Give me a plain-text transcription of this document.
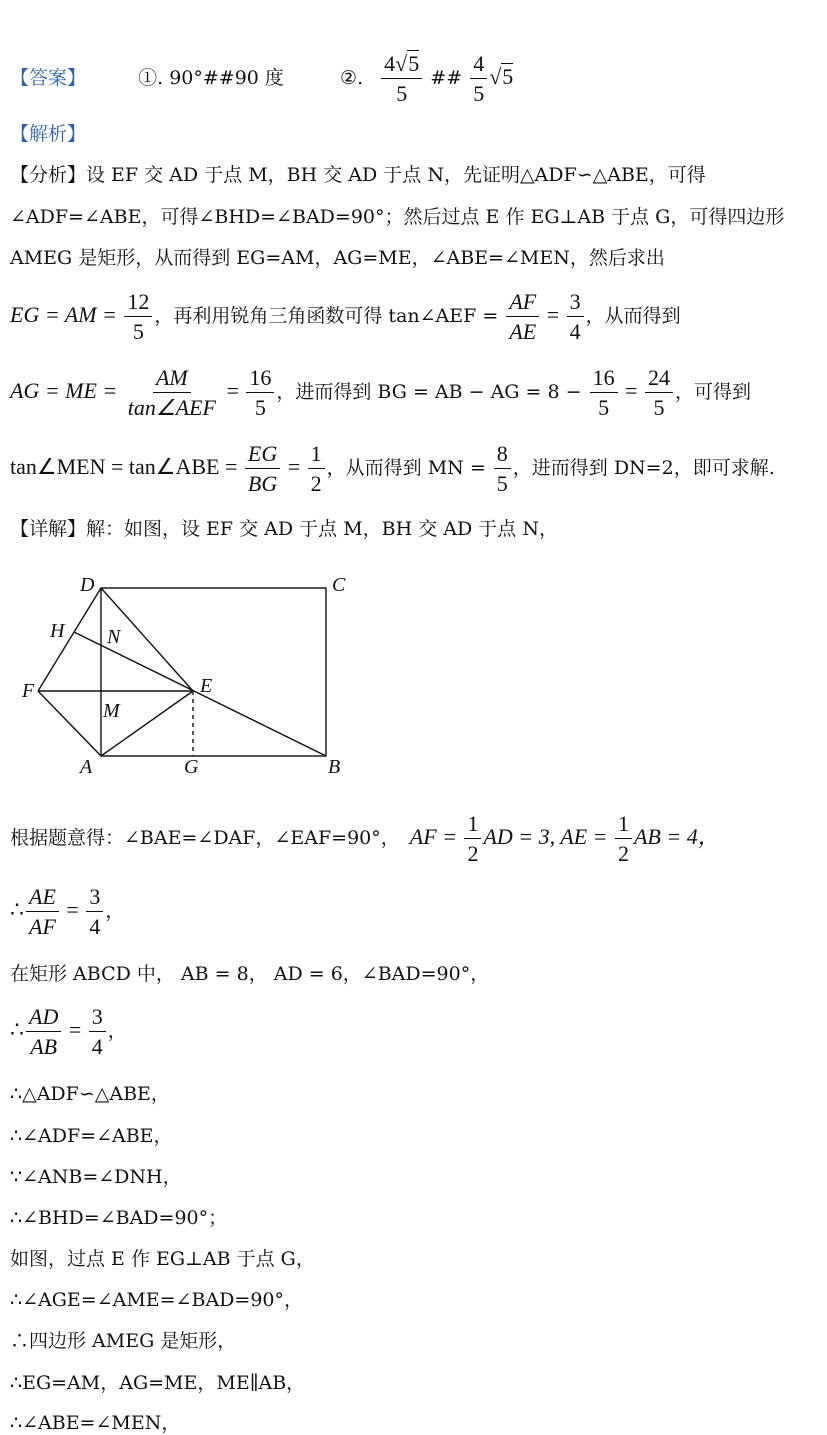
【答案】	①. 90°##90 度	②. $\frac{4√5}{5}$ ## $\frac{4}{5} √5$
【解析】
【分析】设 EF 交 AD 于点 M，BH 交 AD 于点 N，先证明△ADF∽△ABE，可得
∠ADF=∠ABE，可得∠BHD=∠BAD=90°；然后过点 E 作 EG⊥AB 于点 G，可得四边形
AMEG 是矩形，从而得到 EG=AM，AG=ME，∠ABE=∠MEN，然后求出
EG = AM = $\frac{12}{5}$ ，再利用锐角三角函数可得 tan∠AEF = $\frac{AF}{AE} = \frac{3}{4}$ ，从而得到
AG = ME = $\frac{AM}{\text{tan∠AEF}} = \frac{16}{5}$ ，进而得到 BG = AB − AG = $8 - \frac{16}{5} = \frac{24}{5}$ ，可得到
tan∠MEN = tan∠ABE = $\frac{EG}{BG} = \frac{1}{2}$ ，从而得到 MN = $\frac{8}{5}$ ，进而得到 DN=2，即可求解.
【详解】解：如图，设 EF 交 AD 于点 M，BH 交 AD 于点 N，
D	C
H N
F	E
M
A	G	B
根据题意得：∠BAE=∠DAF，∠EAF=90°， AF = $\frac{1}{2}$ AD = 3, AE = $\frac{1}{2}$ AB = 4，
∴ $\frac{AE}{AF} = \frac{3}{4}$ ，
在矩形 ABCD 中， AB = 8， AD = 6，∠BAD=90°，
∴ $\frac{AD}{AB} = \frac{3}{4}$ ，
∴△ADF∽△ABE，
∴∠ADF=∠ABE，
∵∠ANB=∠DNH，
∴∠BHD=∠BAD=90°；
如图，过点 E 作 EG⊥AB 于点 G，
∴∠AGE=∠AME=∠BAD=90°，
∴四边形 AMEG 是矩形，
∴EG=AM，AG=ME，ME∥AB，
∴∠ABE=∠MEN，
